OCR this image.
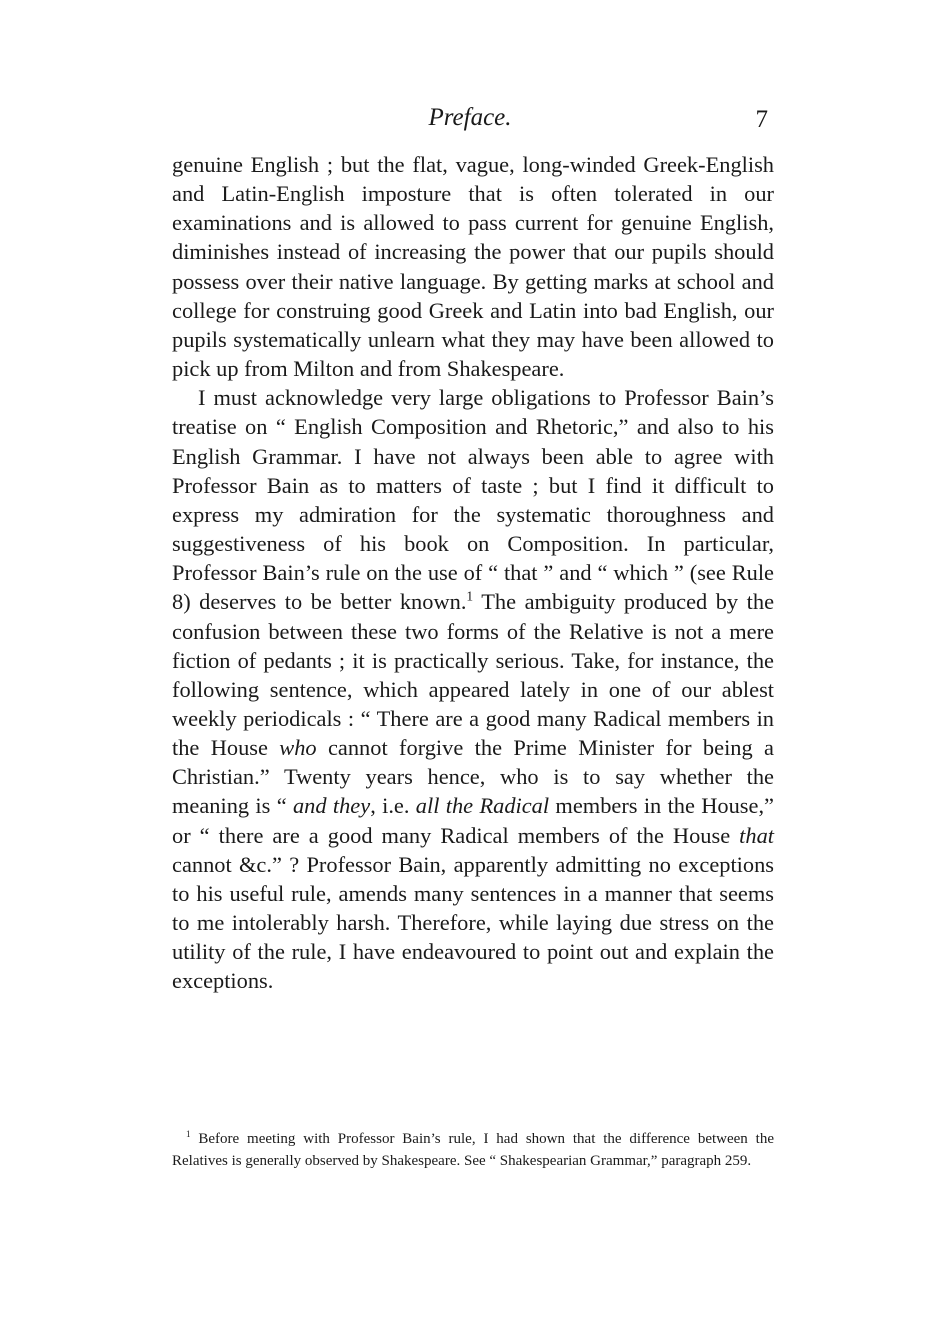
Preface.	7

genuine English ; but the flat, vague, long-winded Greek-English and Latin-English imposture that is often tolerated in our examinations and is allowed to pass current for genuine English, diminishes instead of increasing the power that our pupils should possess over their native language. By getting marks at school and college for construing good Greek and Latin into bad English, our pupils systematically unlearn what they may have been allowed to pick up from Milton and from Shakespeare.

I must acknowledge very large obligations to Professor Bain’s treatise on “ English Composition and Rhetoric,” and also to his English Grammar. I have not always been able to agree with Professor Bain as to matters of taste ; but I find it difficult to express my admiration for the systematic thoroughness and suggestiveness of his book on Composition. In particular, Professor Bain’s rule on the use of “ that ” and “ which ” (see Rule 8) deserves to be better known.$^1$ The ambiguity produced by the confusion between these two forms of the Relative is not a mere fiction of pedants ; it is practically serious. Take, for instance, the following sentence, which appeared lately in one of our ablest weekly periodicals : “ There are a good many Radical members in the House who cannot forgive the Prime Minister for being a Christian.” Twenty years hence, who is to say whether the meaning is “ and they, i.e. all the Radical members in the House,” or “ there are a good many Radical members of the House that cannot &c.” ? Professor Bain, apparently admitting no exceptions to his useful rule, amends many sentences in a manner that seems to me intolerably harsh. Therefore, while laying due stress on the utility of the rule, I have endeavoured to point out and explain the exceptions.

$^1$ Before meeting with Professor Bain’s rule, I had shown that the difference between the Relatives is generally observed by Shakespeare. See “ Shakespearian Grammar,” paragraph 259.
